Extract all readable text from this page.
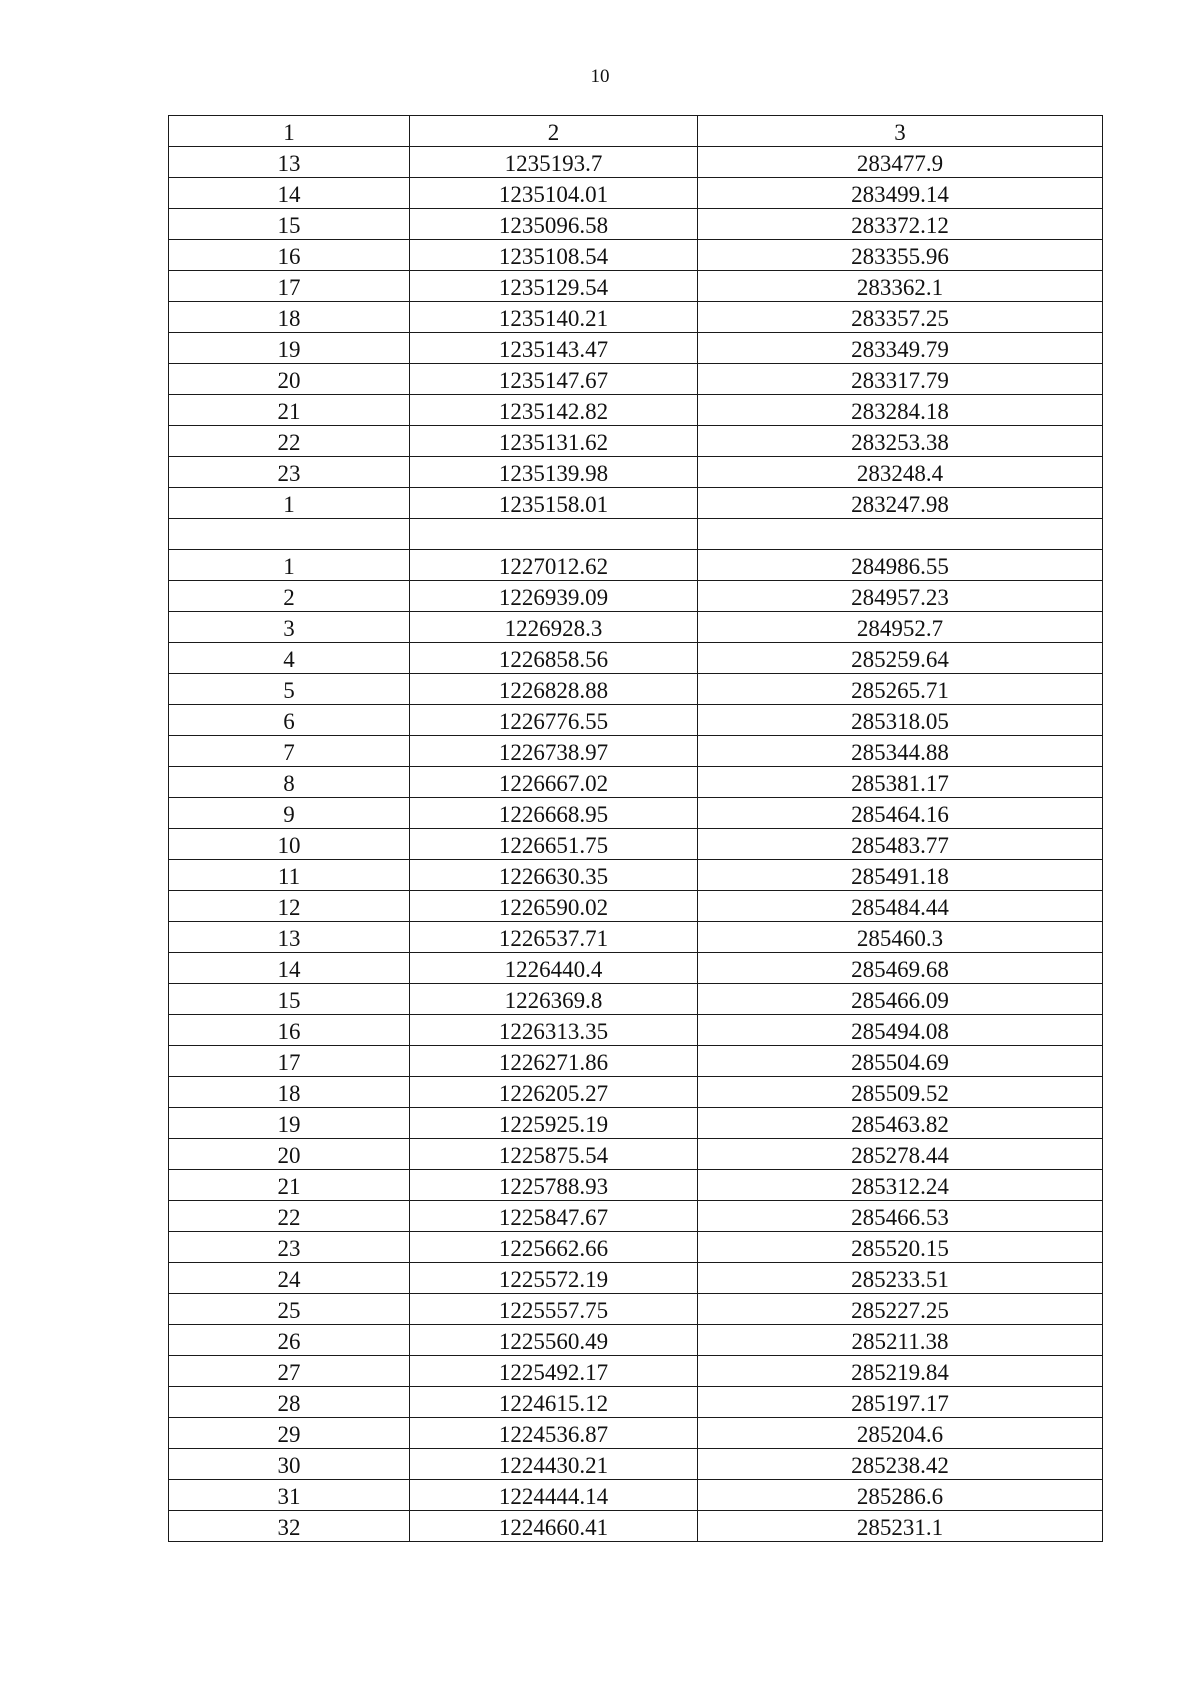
10
1	2	3
13	1235193.7	283477.9
14	1235104.01	283499.14
15	1235096.58	283372.12
16	1235108.54	283355.96
17	1235129.54	283362.1
18	1235140.21	283357.25
19	1235143.47	283349.79
20	1235147.67	283317.79
21	1235142.82	283284.18
22	1235131.62	283253.38
23	1235139.98	283248.4
1	1235158.01	283247.98

1	1227012.62	284986.55
2	1226939.09	284957.23
3	1226928.3	284952.7
4	1226858.56	285259.64
5	1226828.88	285265.71
6	1226776.55	285318.05
7	1226738.97	285344.88
8	1226667.02	285381.17
9	1226668.95	285464.16
10	1226651.75	285483.77
11	1226630.35	285491.18
12	1226590.02	285484.44
13	1226537.71	285460.3
14	1226440.4	285469.68
15	1226369.8	285466.09
16	1226313.35	285494.08
17	1226271.86	285504.69
18	1226205.27	285509.52
19	1225925.19	285463.82
20	1225875.54	285278.44
21	1225788.93	285312.24
22	1225847.67	285466.53
23	1225662.66	285520.15
24	1225572.19	285233.51
25	1225557.75	285227.25
26	1225560.49	285211.38
27	1225492.17	285219.84
28	1224615.12	285197.17
29	1224536.87	285204.6
30	1224430.21	285238.42
31	1224444.14	285286.6
32	1224660.41	285231.1
